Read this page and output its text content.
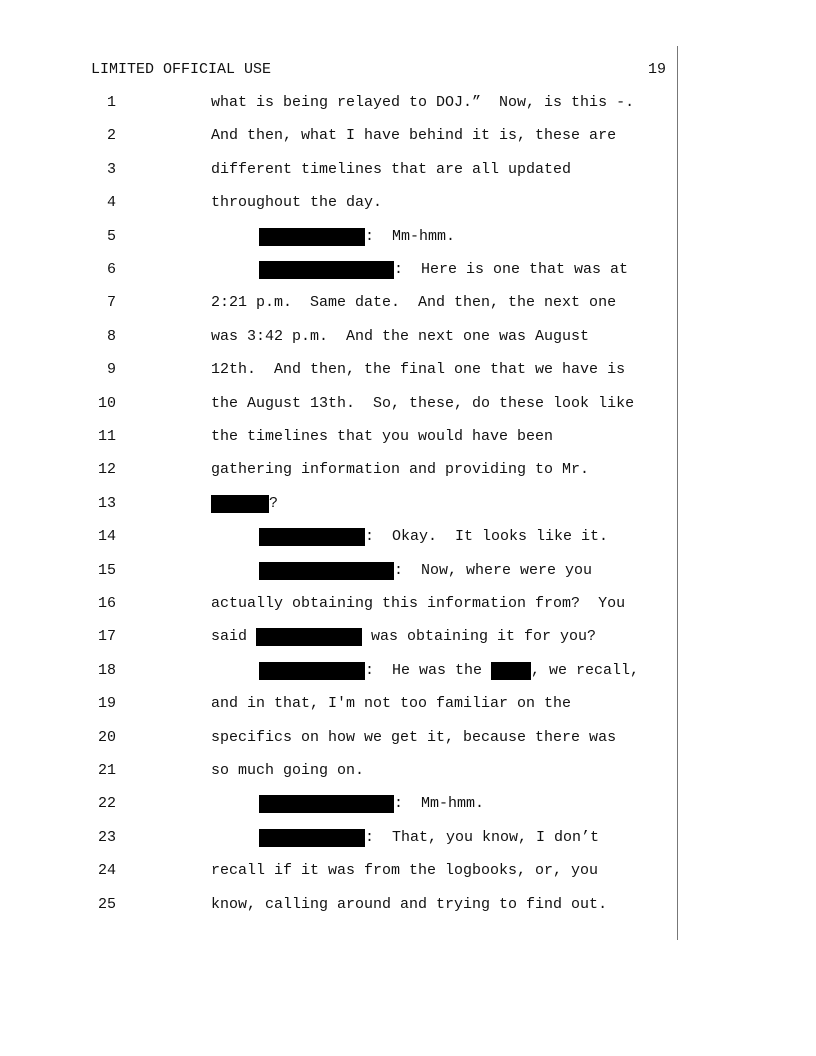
LIMITED OFFICIAL USE	19
1	what is being relayed to DOJ.”  Now, is this -.
2	And then, what I have behind it is, these are
3	different timelines that are all updated
4	throughout the day.
5	:  Mm-hmm.
6	:  Here is one that was at
7	2:21 p.m.  Same date.  And then, the next one
8	was 3:42 p.m.  And the next one was August
9	12th.  And then, the final one that we have is
10	the August 13th.  So, these, do these look like
11	the timelines that you would have been
12	gathering information and providing to Mr.
13	?
14	:  Okay.  It looks like it.
15	:  Now, where were you
16	actually obtaining this information from?  You
17	said	was obtaining it for you?
18	:  He was the	, we recall,
19	and in that, I'm not too familiar on the
20	specifics on how we get it, because there was
21	so much going on.
22	:  Mm-hmm.
23	:  That, you know, I don’t
24	recall if it was from the logbooks, or, you
25	know, calling around and trying to find out.
